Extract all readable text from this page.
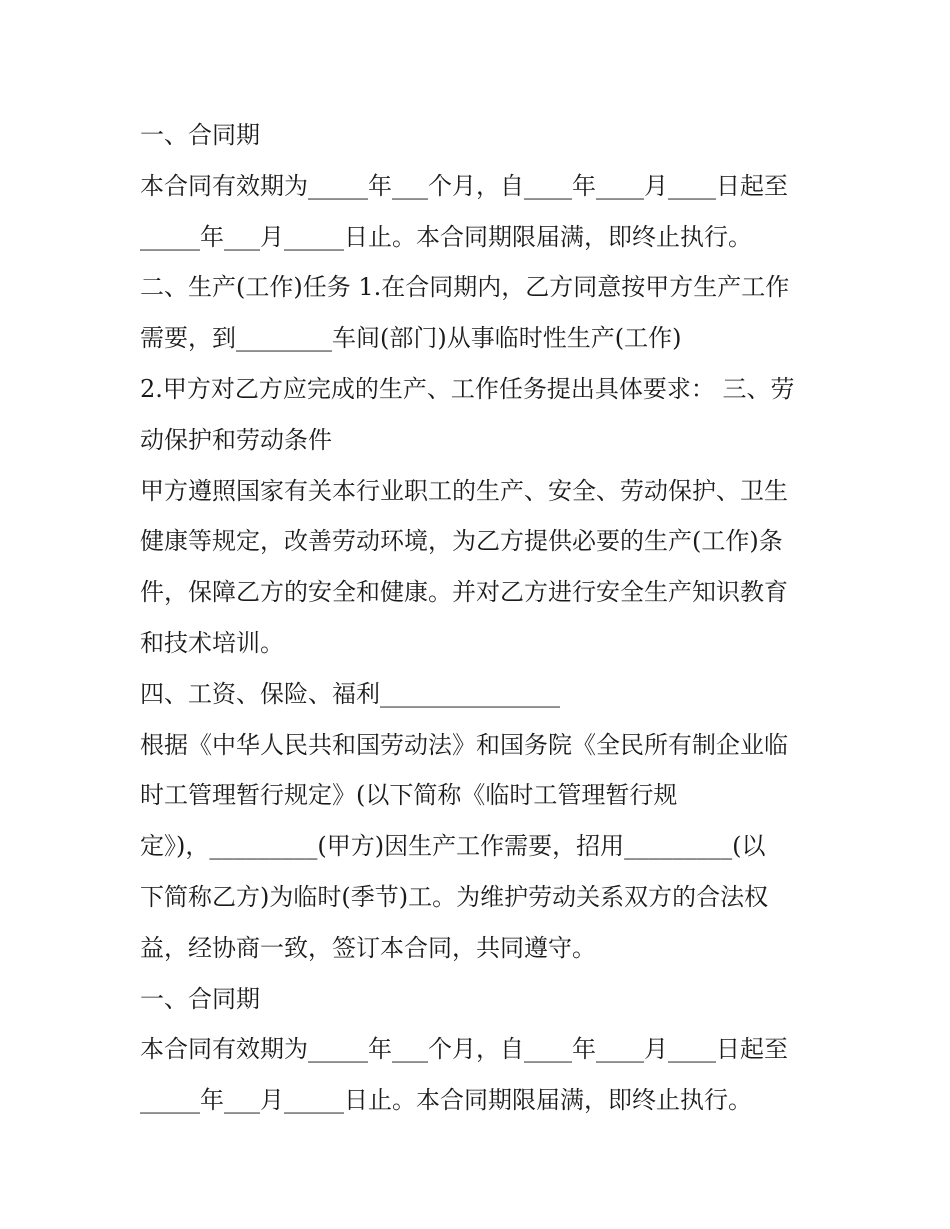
一、合同期
本合同有效期为_____年___个月，自____年____月____日起至
_____年___月_____日止。本合同期限届满，即终止执行。
二、生产(工作)任务 1.在合同期内，乙方同意按甲方生产工作
需要，到________车间(部门)从事临时性生产(工作)
2.甲方对乙方应完成的生产、工作任务提出具体要求： 三、劳
动保护和劳动条件
甲方遵照国家有关本行业职工的生产、安全、劳动保护、卫生
健康等规定，改善劳动环境，为乙方提供必要的生产(工作)条
件，保障乙方的安全和健康。并对乙方进行安全生产知识教育
和技术培训。
四、工资、保险、福利_______________
根据《中华人民共和国劳动法》和国务院《全民所有制企业临
时工管理暂行规定》(以下简称《临时工管理暂行规
定》)，_________(甲方)因生产工作需要，招用_________(以
下简称乙方)为临时(季节)工。为维护劳动关系双方的合法权
益，经协商一致，签订本合同，共同遵守。
一、合同期
本合同有效期为_____年___个月，自____年____月____日起至
_____年___月_____日止。本合同期限届满，即终止执行。
